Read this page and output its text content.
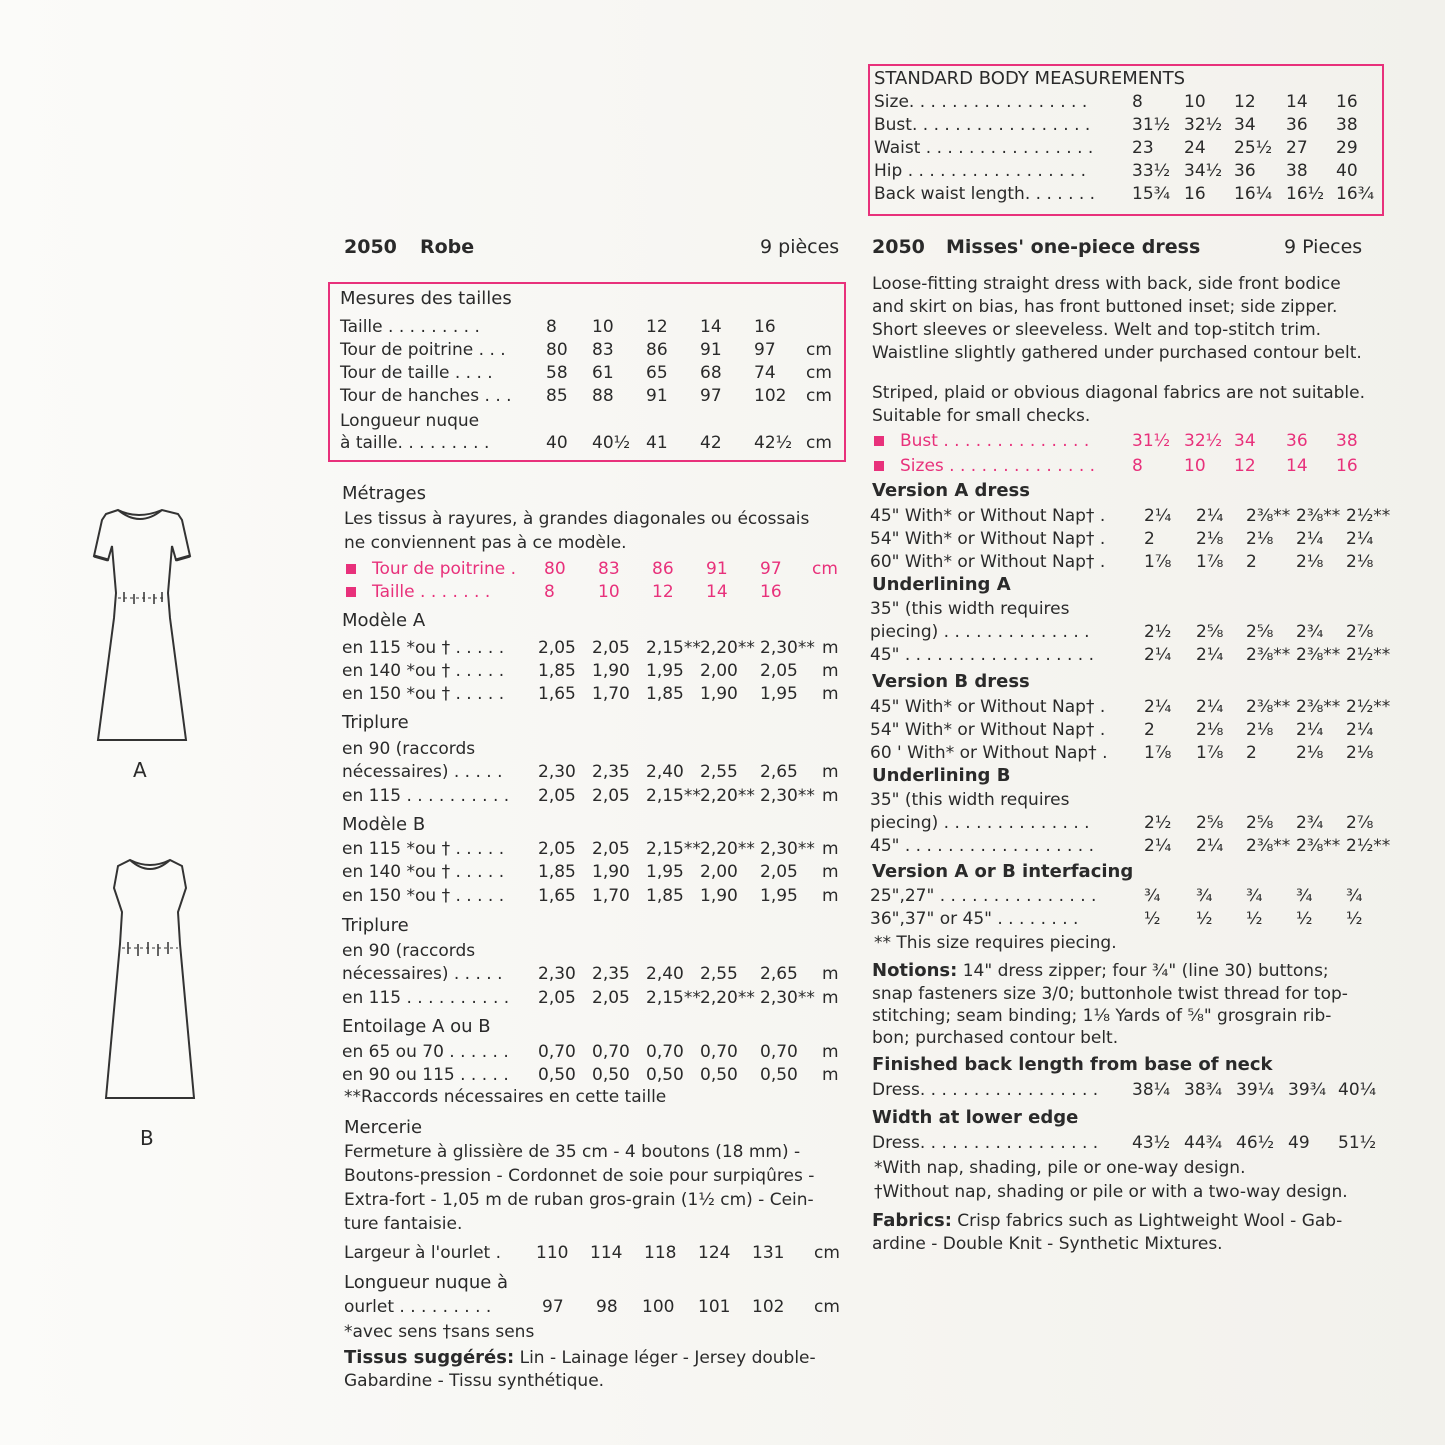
A
B
2050 Robe	9 pièces
Mesures des tailles
Taille . . . . . . . . .	8 10 12 14 16
Tour de poitrine . . . 80 83 86 91 97 cm
Tour de taille . . . .	58 61 65 68 74 cm
Tour de hanches . . . 85 88 91 97 102 cm
Longueur nuque
à taille. . . . . . . . .	40 40½ 41 42 42½ cm
Métrages
Les tissus à rayures, à grandes diagonales ou écossais
ne conviennent pas à ce modèle.
Tour de poitrine . 80 83 86 91 97 cm
Taille . . . . . . .	8	10 12 14 16
Modèle A
en 115 *ou † . . . . . 2,05 2,05 2,15** 2,20** 2,30** m
en 140 *ou † . . . . . 1,85 1,90 1,95 2,00 2,05 m
en 150 *ou † . . . . . 1,65 1,70 1,85 1,90 1,95 m
Triplure
en 90 (raccords
nécessaires) . . . . . 2,30 2,35 2,40 2,55 2,65 m
en 115 . . . . . . . . . . 2,05 2,05 2,15** 2,20** 2,30** m
Modèle B
en 115 *ou † . . . . . 2,05 2,05 2,15** 2,20** 2,30** m
en 140 *ou † . . . . . 1,85 1,90 1,95 2,00 2,05 m
en 150 *ou † . . . . . 1,65 1,70 1,85 1,90 1,95 m
Triplure
en 90 (raccords
nécessaires) . . . . . 2,30 2,35 2,40 2,55 2,65 m
en 115 . . . . . . . . . . 2,05 2,05 2,15** 2,20** 2,30** m
Entoilage A ou B
en 65 ou 70 . . . . . . 0,70 0,70 0,70 0,70 0,70 m
en 90 ou 115 . . . . . 0,50 0,50 0,50 0,50 0,50 m
**Raccords nécessaires en cette taille
Mercerie
Fermeture à glissière de 35 cm - 4 boutons (18 mm) -
Boutons-pression - Cordonnet de soie pour surpiqûres -
Extra-fort - 1,05 m de ruban gros-grain (1½ cm) - Cein-
ture fantaisie.
Largeur à l'ourlet . 110 114 118 124 131 cm
Longueur nuque à
ourlet . . . . . . . . .	97 98 100 101 102 cm
*avec sens †sans sens
Tissus suggérés: Lin - Lainage léger - Jersey double-
Gabardine - Tissu synthétique.
STANDARD BODY MEASUREMENTS
Size. . . . . . . . . . . . . . . . .	8 10 12 14 16
Bust. . . . . . . . . . . . . . . . . 31½ 32½ 34 36 38
Waist . . . . . . . . . . . . . . . . 23 24 25½ 27 29
Hip . . . . . . . . . . . . . . . . .	33½ 34½ 36 38 40
Back waist length. . . . . . . 15¾ 16 16¼ 16½ 16¾
2050 Misses' one-piece dress	9 Pieces
Loose-fitting straight dress with back, side front bodice
and skirt on bias, has front buttoned inset; side zipper.
Short sleeves or sleeveless. Welt and top-stitch trim.
Waistline slightly gathered under purchased contour belt.
Striped, plaid or obvious diagonal fabrics are not suitable.
Suitable for small checks.
Bust . . . . . . . . . . . . . .	31½ 32½ 34 36 38
Sizes . . . . . . . . . . . . . . 8 10 12 14 16
Version A dress
45" With* or Without Nap† . 2¼ 2¼ 2⅜** 2⅜** 2½**
54" With* or Without Nap† . 2 2⅛ 2⅛ 2¼ 2¼
60" With* or Without Nap† . 1⅞ 1⅞ 2 2⅛ 2⅛
Underlining A
35" (this width requires
piecing) . . . . . . . . . . . . . .	2½ 2⅝ 2⅝ 2¾ 2⅞
45" . . . . . . . . . . . . . . . . . .	2¼ 2¼ 2⅜** 2⅜** 2½**
Version B dress
45" With* or Without Nap† . 2¼ 2¼ 2⅜** 2⅜** 2½**
54" With* or Without Nap† . 2 2⅛ 2⅛ 2¼ 2¼
60 ' With* or Without Nap† . 1⅞ 1⅞ 2 2⅛ 2⅛
Underlining B
35" (this width requires
piecing) . . . . . . . . . . . . . .	2½ 2⅝ 2⅝ 2¾ 2⅞
45" . . . . . . . . . . . . . . . . . .	2¼ 2¼ 2⅜** 2⅜** 2½**
Version A or B interfacing
25",27" . . . . . . . . . . . . . . .	¾ ¾ ¾ ¾ ¾
36",37" or 45" . . . . . . . .	½ ½ ½ ½ ½
** This size requires piecing.
Notions: 14" dress zipper; four ¾" (line 30) buttons;
snap fasteners size 3/0; buttonhole twist thread for top-
stitching; seam binding; 1⅛ Yards of ⅝" grosgrain rib-
bon; purchased contour belt.
Finished back length from base of neck
Dress. . . . . . . . . . . . . . . . . 38¼ 38¾ 39¼ 39¾ 40¼
Width at lower edge
Dress. . . . . . . . . . . . . . . . . 43½ 44¾ 46½ 49 51½
*With nap, shading, pile or one-way design.
†Without nap, shading or pile or with a two-way design.
Fabrics: Crisp fabrics such as Lightweight Wool - Gab-
ardine - Double Knit - Synthetic Mixtures.
